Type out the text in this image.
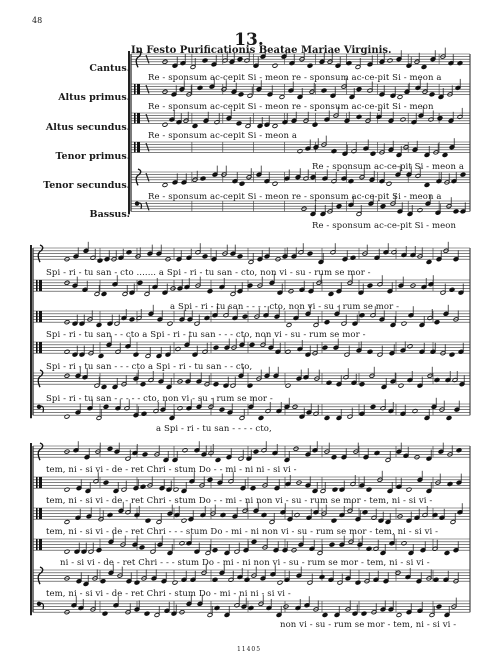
48
13.
In Festo Purificationis Beatae Mariae Virginis.
Cantus.
Altus primus.
Altus secundus.
Tenor primus.
Tenor secundus.
Bassus.
Re - sponsum ac-cepit Si - meon re - sponsum ac-ce-pit Si - meon a
Re - sponsum ac-cepit Si - meon re - sponsum ac-ce-pit Si - meon
Re - sponsum ac-cepit Si - meon a
Re - sponsum ac-ce-pit Si - meon a
Re - sponsum ac-cepit Si - meon re - sponsum ac-ce-pit Si - meon a
Re - sponsum ac-ce-pit Si - meon
Spi - ri - tu san - cto ....... a Spi - ri - tu san - cto, non vi - su - rum se mor -
a Spi - ri - tu san - - - - cto, non vi - su - rum se mor -
Spi - ri - tu san - - cto a Spi - ri - tu san - - - cto, non vi - su - rum se mor -
Spi - ri - tu san - - - cto a Spi - ri - tu san - - cto,
Spi - ri - tu san - - - - - cto, non vi - su - rum se mor -
a Spi - ri - tu san - - - - cto,
tem, ni - si vi - de - ret Chri - stum Do - - mi - ni ni - si vi -
tem, ni - si vi - de - ret Chri - stum Do - - mi - ni non vi - su - rum se mor - tem, ni - si vi -
tem, ni - si vi - de - ret Chri - - - stum Do - mi - ni non vi - su - rum se mor - tem, ni - si vi -
ni - si vi - de - ret Chri - - - stum Do - mi - ni non vi - su - rum se mor - tem, ni - si vi -
tem, ni - si vi - de - ret Chri - stum Do - mi - ni ni - si vi -
non vi - su - rum se mor - tem, ni - si vi -
11405
